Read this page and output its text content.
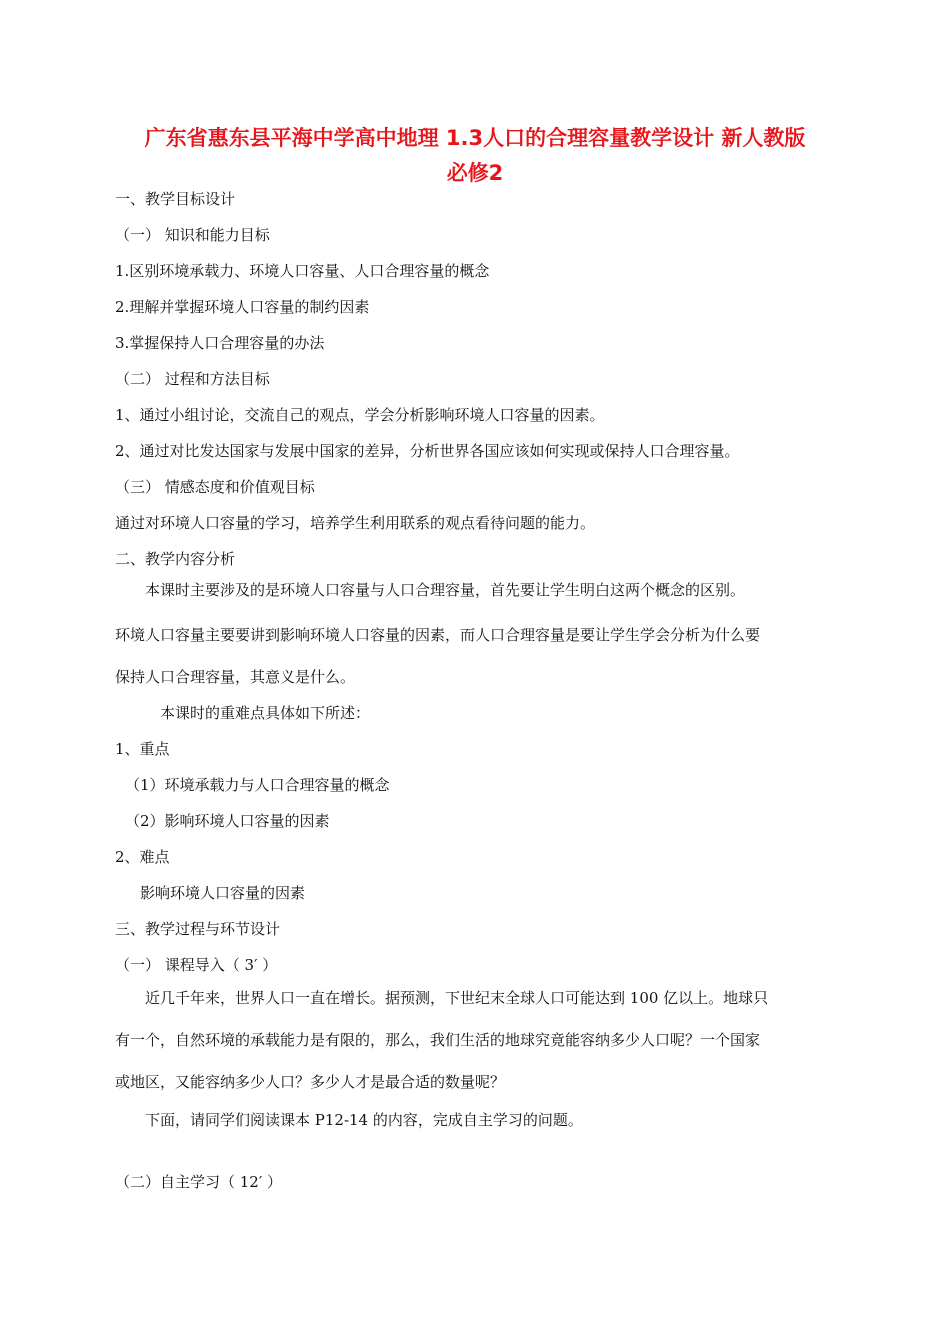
广东省惠东县平海中学高中地理 1.3人口的合理容量教学设计 新人教版
必修2
一、教学目标设计
（一） 知识和能力目标
1.区别环境承载力、环境人口容量、人口合理容量的概念
2.理解并掌握环境人口容量的制约因素
3.掌握保持人口合理容量的办法
（二） 过程和方法目标
1、通过小组讨论，交流自己的观点，学会分析影响环境人口容量的因素。
2、通过对比发达国家与发展中国家的差异，分析世界各国应该如何实现或保持人口合理容量。
（三） 情感态度和价值观目标
通过对环境人口容量的学习，培养学生利用联系的观点看待问题的能力。
二、教学内容分析
本课时主要涉及的是环境人口容量与人口合理容量，首先要让学生明白这两个概念的区别。
环境人口容量主要要讲到影响环境人口容量的因素，而人口合理容量是要让学生学会分析为什么要
保持人口合理容量，其意义是什么。
本课时的重难点具体如下所述：
1、重点
（1）环境承载力与人口合理容量的概念
（2）影响环境人口容量的因素
2、难点
影响环境人口容量的因素
三、教学过程与环节设计
（一） 课程导入（ 3′ ）
近几千年来，世界人口一直在增长。据预测，下世纪末全球人口可能达到 100 亿以上。地球只
有一个，自然环境的承载能力是有限的，那么，我们生活的地球究竟能容纳多少人口呢？一个国家
或地区，又能容纳多少人口？多少人才是最合适的数量呢？
下面，请同学们阅读课本 P12-14 的内容，完成自主学习的问题。
（二）自主学习（ 12′ ）
